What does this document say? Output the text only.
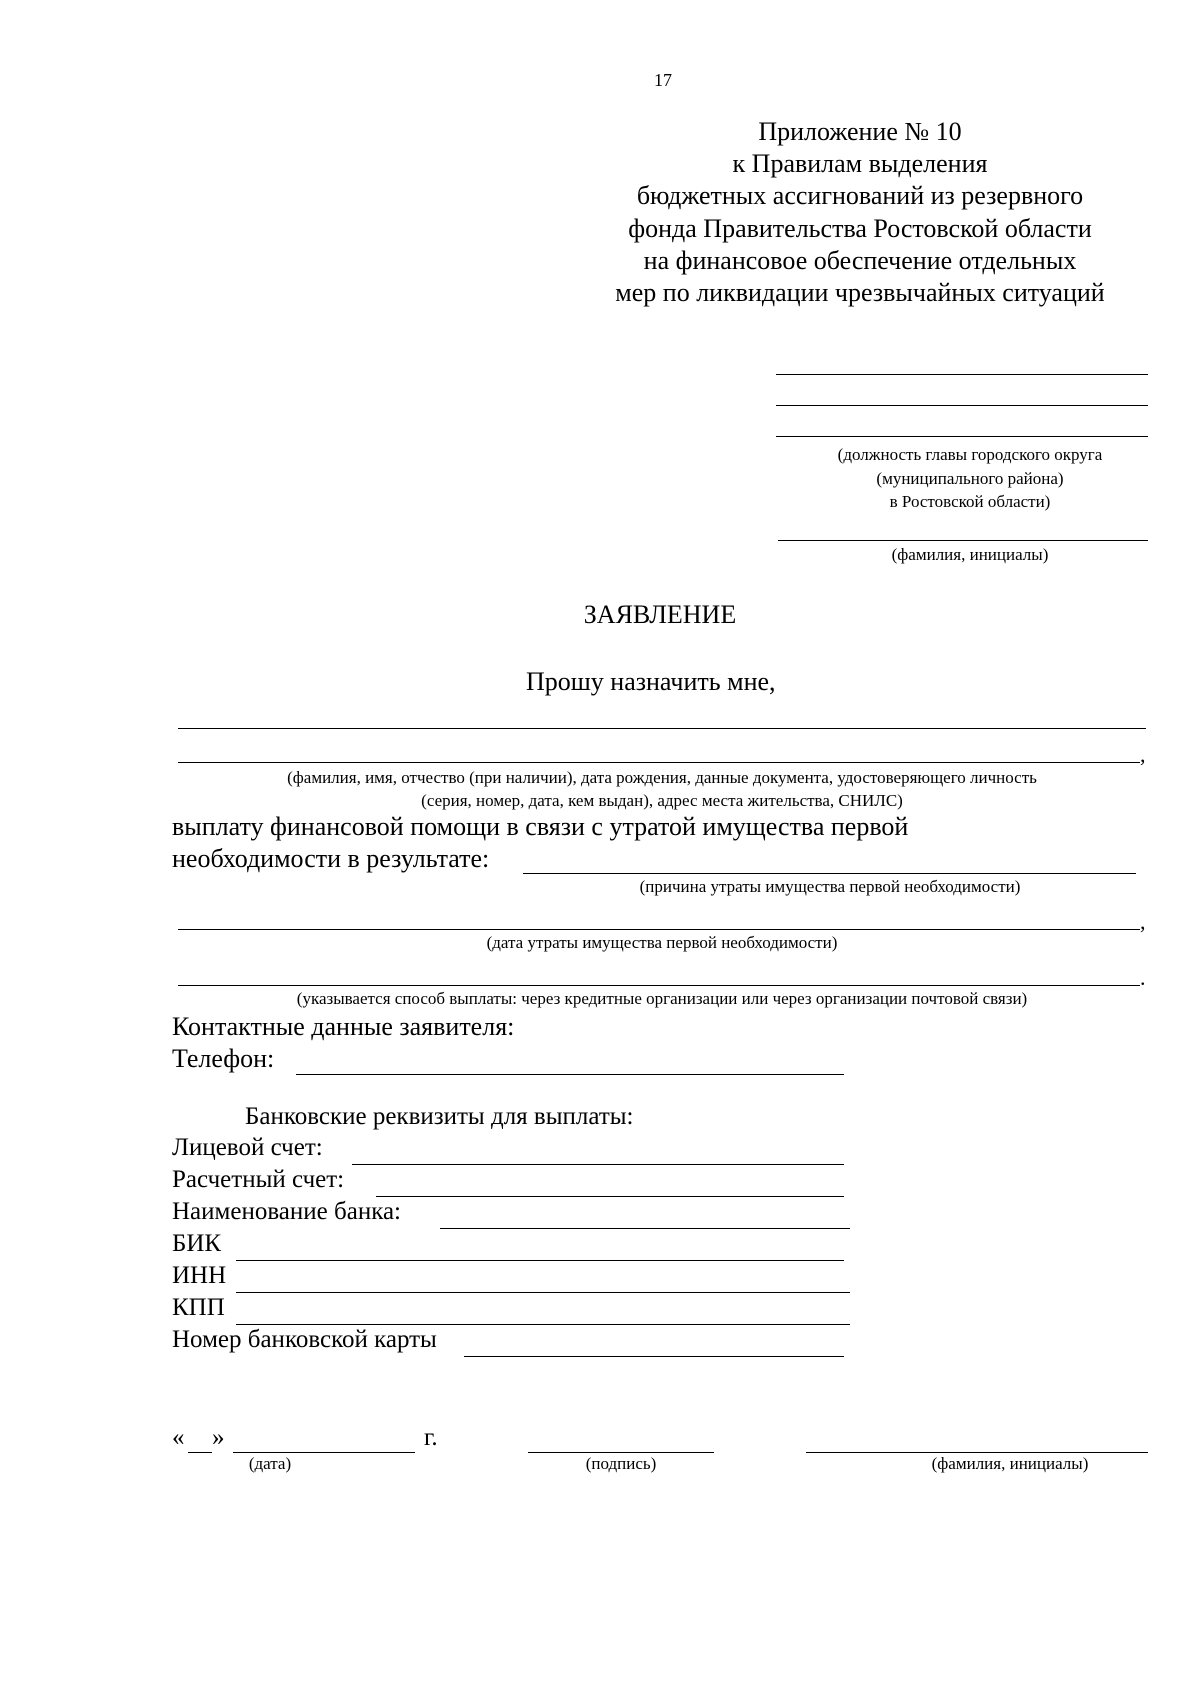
17
Приложение № 10
к Правилам выделения
бюджетных ассигнований из резервного
фонда Правительства Ростовской области
на финансовое обеспечение отдельных
мер по ликвидации чрезвычайных ситуаций
(должность главы городского округа
(муниципального района)
в Ростовской области)
(фамилия, инициалы)
ЗАЯВЛЕНИЕ
Прошу назначить мне,
,
(фамилия, имя, отчество (при наличии), дата рождения, данные документа, удостоверяющего личность
(серия, номер, дата, кем выдан), адрес места жительства, СНИЛС)
выплату финансовой помощи в связи с утратой имущества первой
необходимости в результате:
(причина утраты имущества первой необходимости)
,
(дата утраты имущества первой необходимости)
.
(указывается способ выплаты: через кредитные организации или через организации почтовой связи)
Контактные данные заявителя:
Телефон:
Банковские реквизиты для выплаты:
Лицевой счет:
Расчетный счет:
Наименование банка:
БИК
ИНН
КПП
Номер банковской карты
« »	г.
(дата)	(подпись)	(фамилия, инициалы)
